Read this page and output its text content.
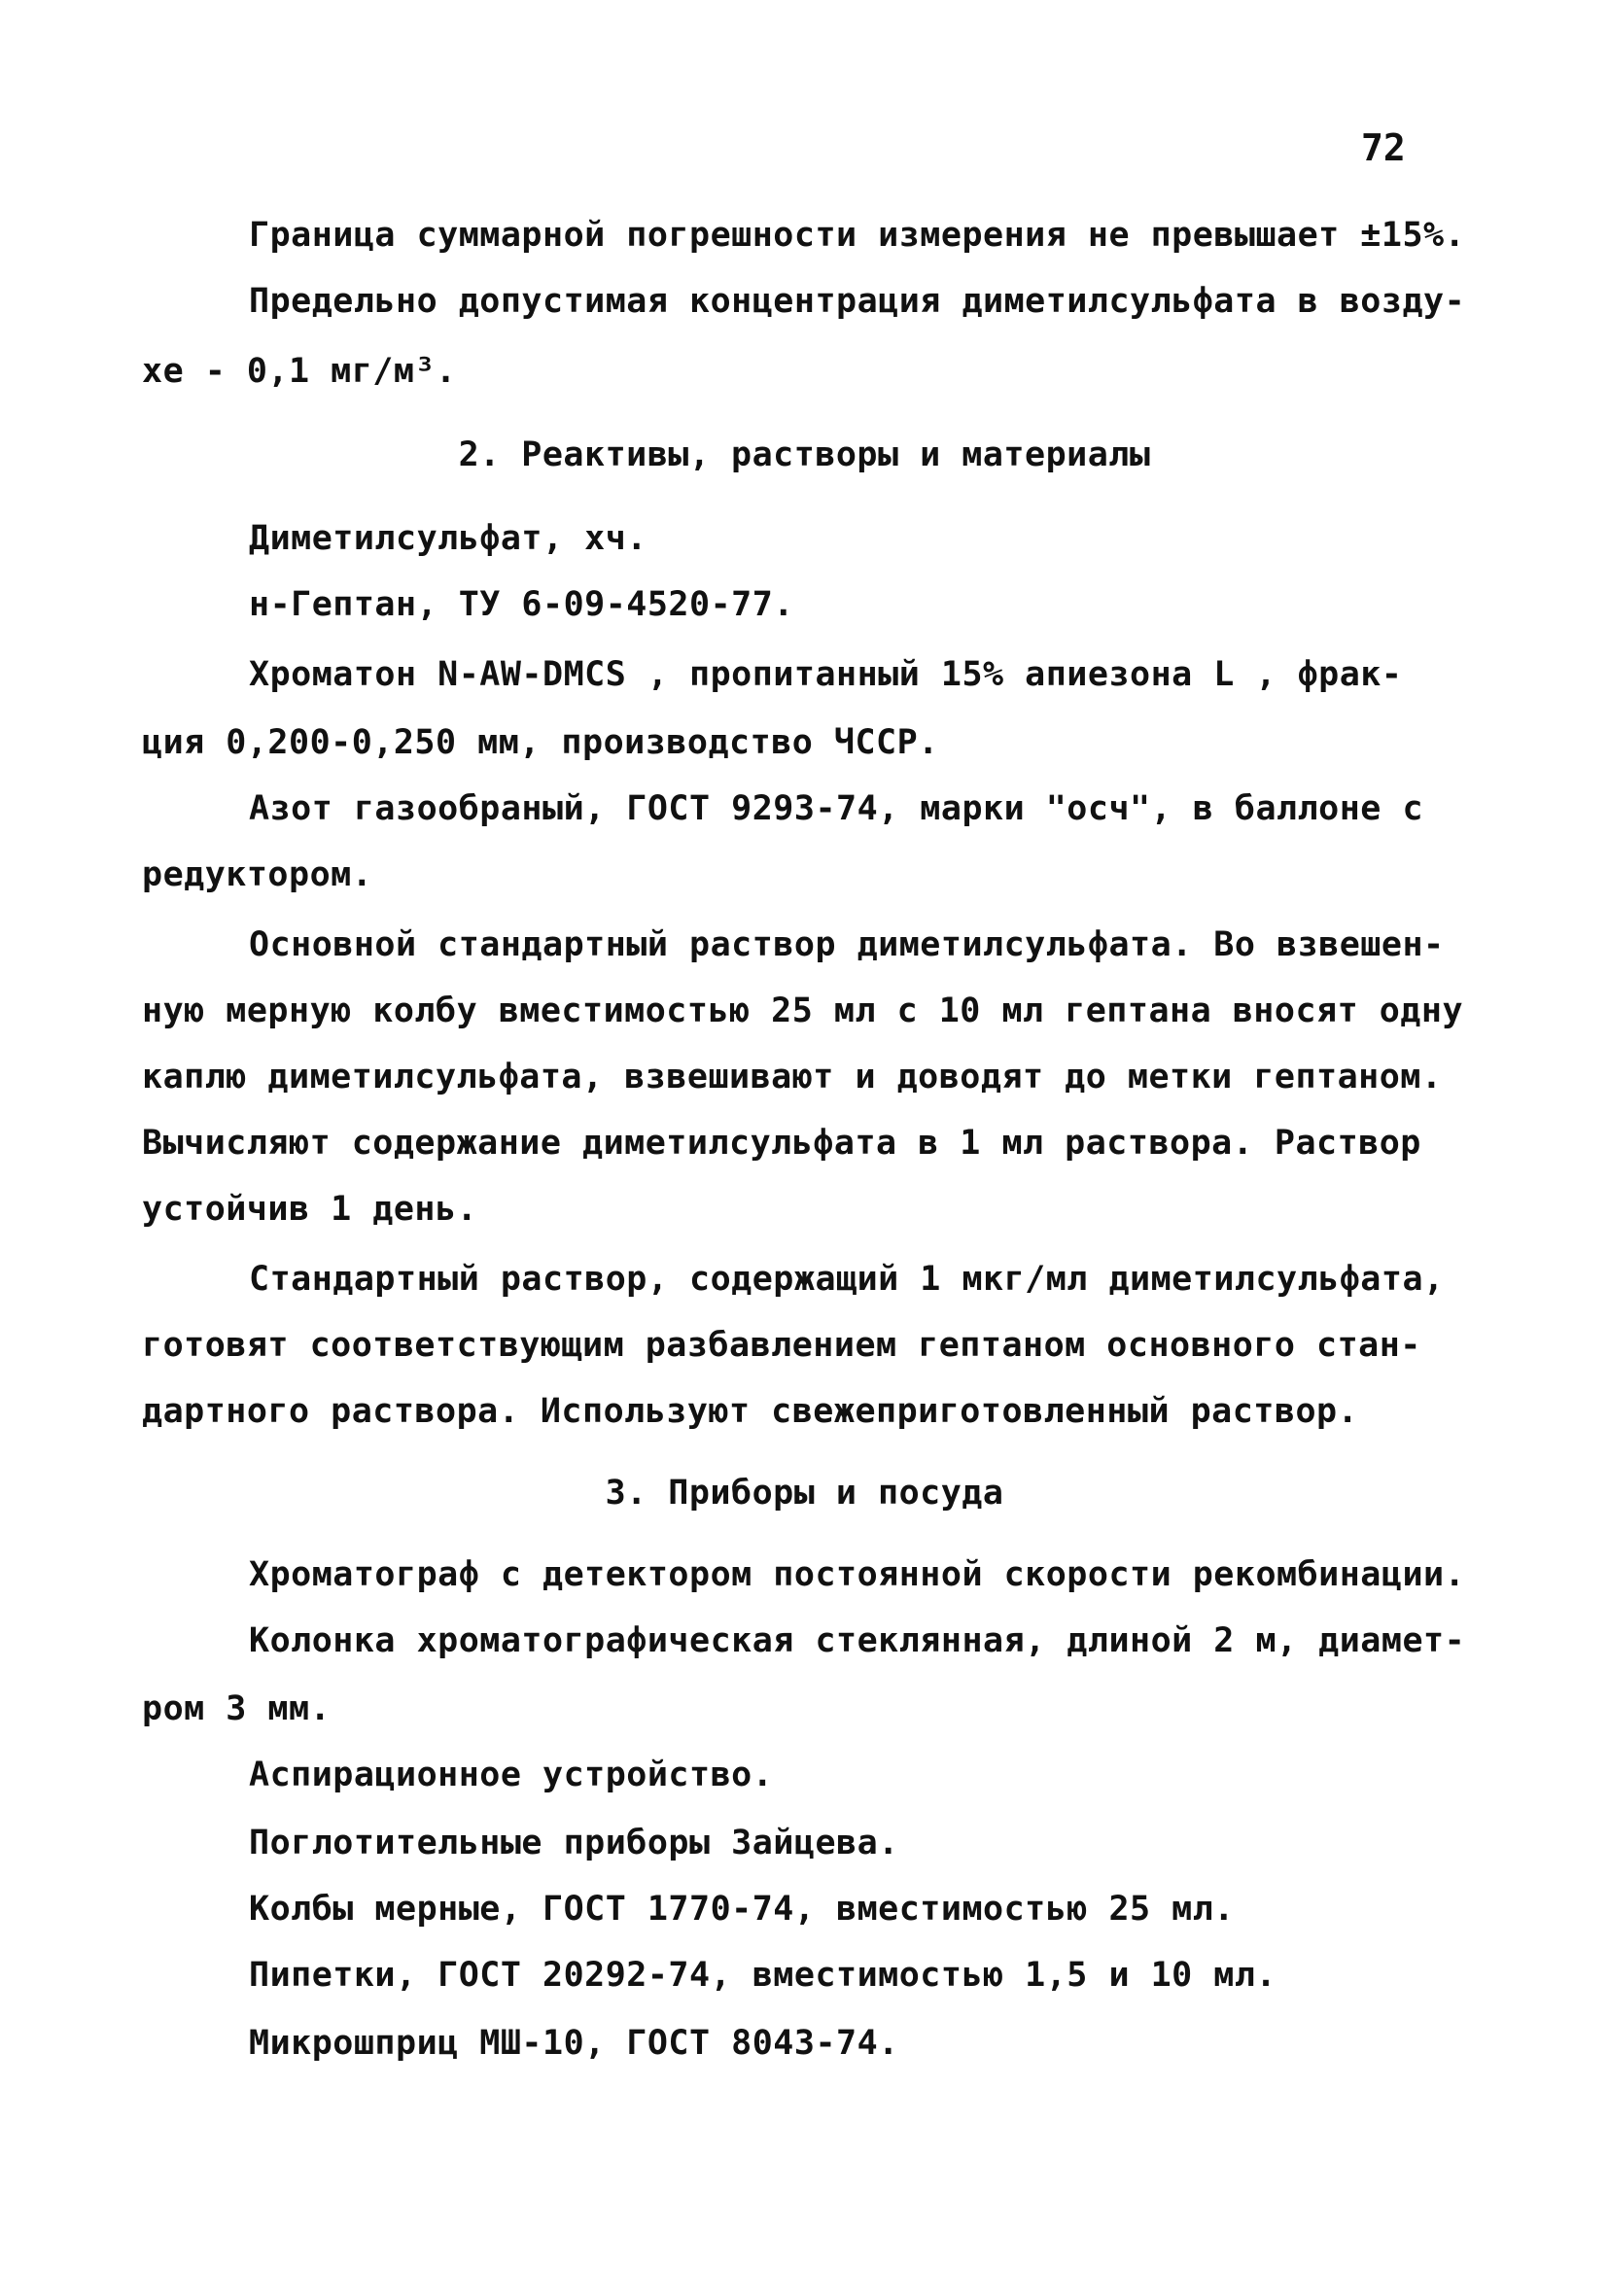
72
Граница суммарной погрешности измерения не превышает ±15%.
Предельно допустимая концентрация диметилсульфата в возду-
хе - 0,1 мг/м³.
2. Реактивы, растворы и материалы
Диметилсульфат, хч.
н-Гептан, ТУ 6-09-4520-77.
Хроматон N-AW-DMCS , пропитанный 15% апиезона L , фрак-
ция 0,200-0,250 мм, производство ЧССР.
Азот газообраный, ГОСТ 9293-74, марки "осч", в баллоне с
редуктором.
Основной стандартный раствор диметилсульфата. Во взвешен-
ную мерную колбу вместимостью 25 мл с 10 мл гептана вносят одну
каплю диметилсульфата, взвешивают и доводят до метки гептаном.
Вычисляют содержание диметилсульфата в 1 мл раствора. Раствор
устойчив 1 день.
Стандартный раствор, содержащий 1 мкг/мл диметилсульфата,
готовят соответствующим разбавлением гептаном основного стан-
дартного раствора. Используют свежеприготовленный раствор.
3. Приборы и посуда
Хроматограф с детектором постоянной скорости рекомбинации.
Колонка хроматографическая стеклянная, длиной 2 м, диамет-
ром 3 мм.
Аспирационное устройство.
Поглотительные приборы Зайцева.
Колбы мерные, ГОСТ 1770-74, вместимостью 25 мл.
Пипетки, ГОСТ 20292-74, вместимостью 1,5 и 10 мл.
Микрошприц МШ-10, ГОСТ 8043-74.
